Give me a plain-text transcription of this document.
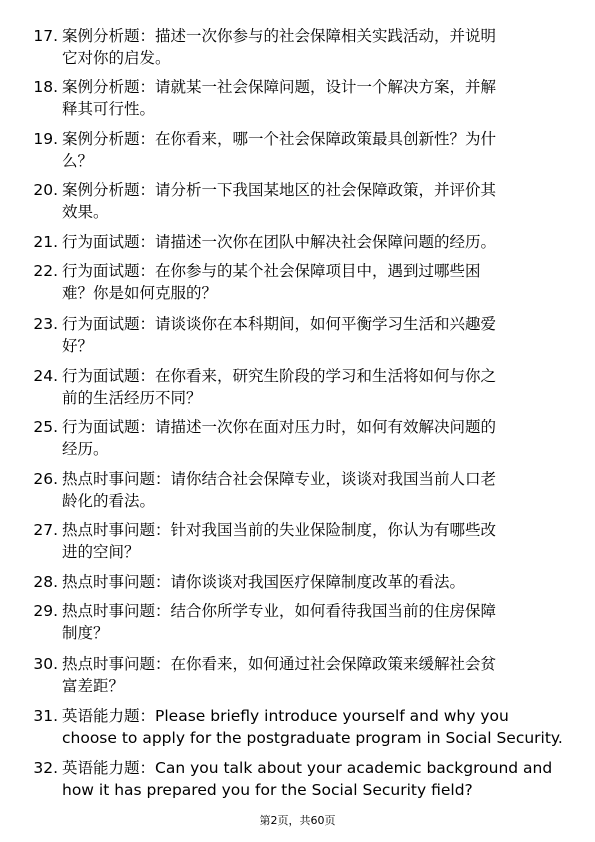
17. 案例分析题：描述一次你参与的社会保障相关实践活动，并说明
它对你的启发。
18. 案例分析题：请就某一社会保障问题，设计一个解决方案，并解
释其可行性。
19. 案例分析题：在你看来，哪一个社会保障政策最具创新性？为什
么？
20. 案例分析题：请分析一下我国某地区的社会保障政策，并评价其
效果。
21. 行为面试题：请描述一次你在团队中解决社会保障问题的经历。
22. 行为面试题：在你参与的某个社会保障项目中，遇到过哪些困
难？你是如何克服的？
23. 行为面试题：请谈谈你在本科期间，如何平衡学习生活和兴趣爱
好？
24. 行为面试题：在你看来，研究生阶段的学习和生活将如何与你之
前的生活经历不同？
25. 行为面试题：请描述一次你在面对压力时，如何有效解决问题的
经历。
26. 热点时事问题：请你结合社会保障专业，谈谈对我国当前人口老
龄化的看法。
27. 热点时事问题：针对我国当前的失业保险制度，你认为有哪些改
进的空间？
28. 热点时事问题：请你谈谈对我国医疗保障制度改革的看法。
29. 热点时事问题：结合你所学专业，如何看待我国当前的住房保障
制度？
30. 热点时事问题：在你看来，如何通过社会保障政策来缓解社会贫
富差距？
31. 英语能力题：Please briefly introduce yourself and why you
choose to apply for the postgraduate program in Social Security.
32. 英语能力题：Can you talk about your academic background and
how it has prepared you for the Social Security field?
第2页，共60页
